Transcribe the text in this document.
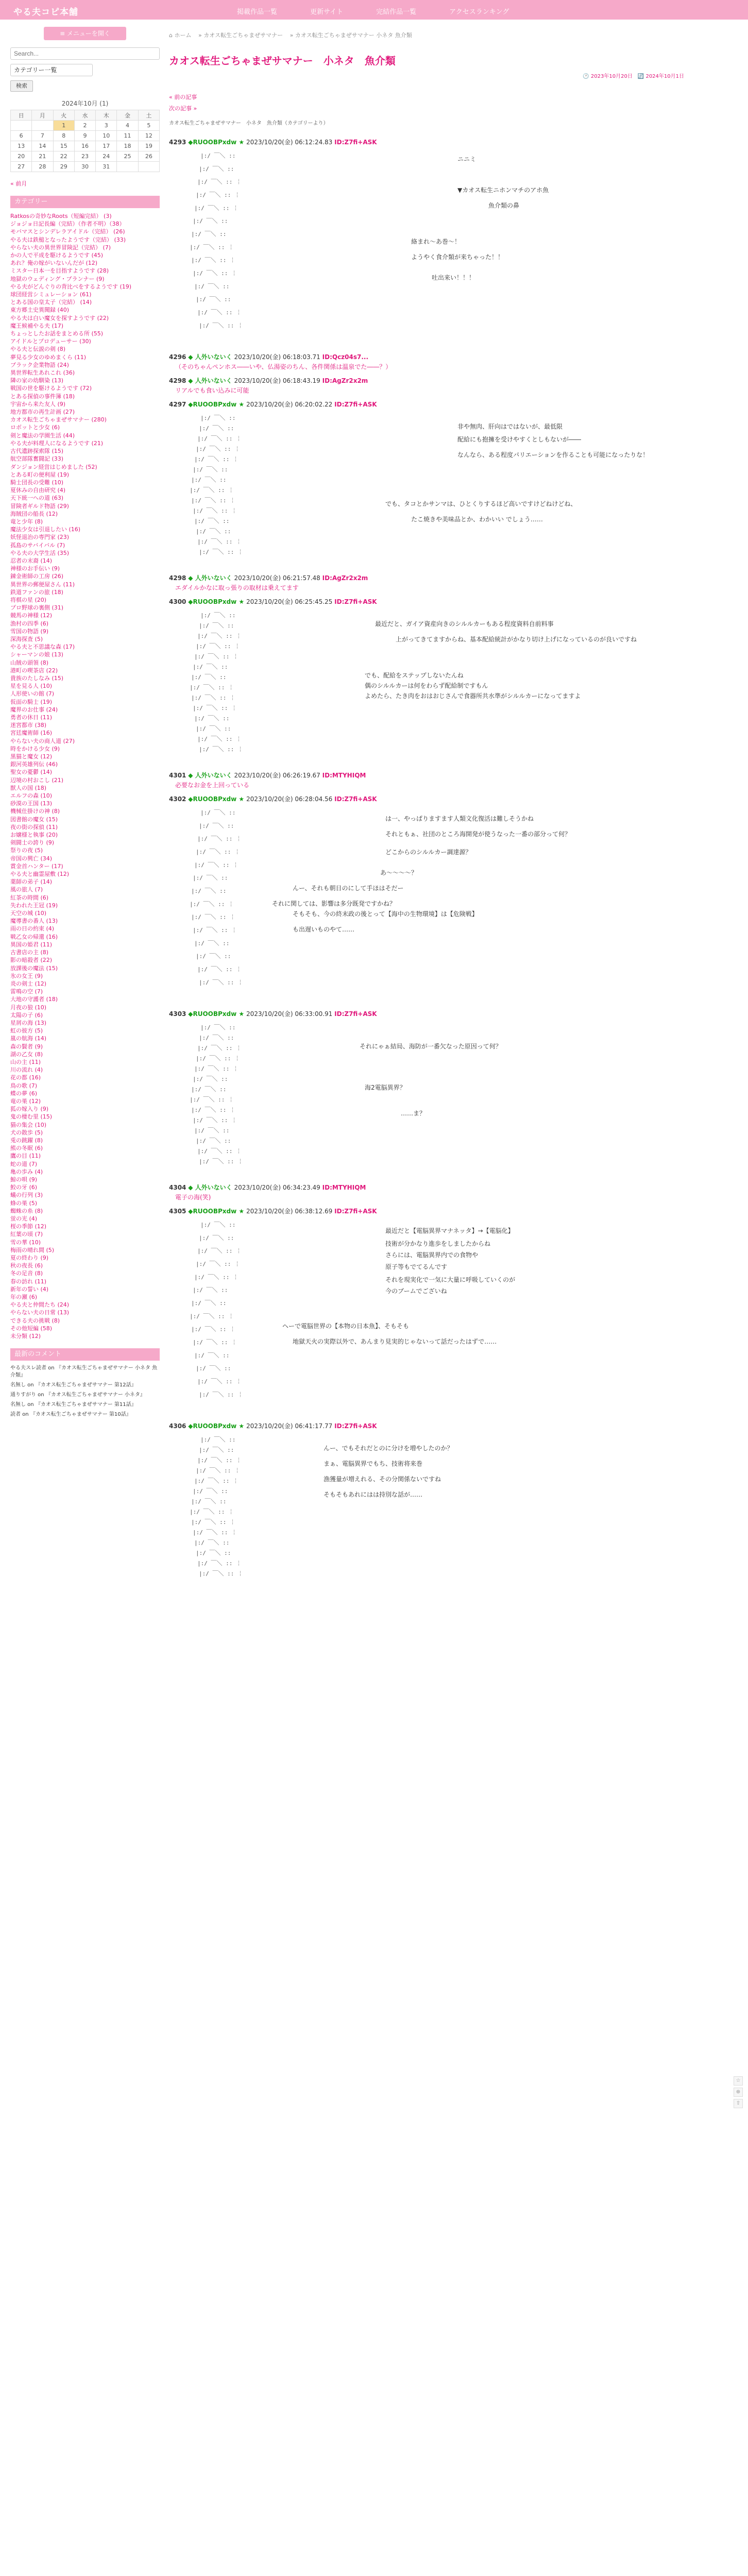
やる夫コピ本舗	掲載作品一覧	更新サイト	完結作品一覧	アクセスランキング
≡ メニューを開く
Search...
カテゴリー一覧
検索
2024年10月 (1)
日	月	火	水	木	金	土
		1	2	3	4	5
6	7	8	9	10	11	12
13	14	15	16	17	18	19
20	21	22	23	24	25	26
27	28	29	30	31		
« 前月
カテゴリー
Ratkosの奇妙なRoots（短編完結） (3)
ジョジョ日記長編（完結）（作者不明）（38）
モバマスとシンデレラアイドル（完結） (26)
やる夫は鉄槌となったようです（完結） (33)
やらない夫の異世界冒険記（完結） (7)
かの人で平成を駆けるようです (45)
あれ？俺の嫁がいないんだが (12)
ミスター日本一を目指すようです (28)
地獄のウェディング・プランナー (9)
やる夫がどんぐりの背比べをするようです (19)
球団経営シミュレーション (61)
とある国の皇太子（完結） (14)
東方郷土史異聞録 (40)
やる夫は白い魔女を探すようです (22)
魔王候補やる夫 (17)
ちょっとしたお話をまとめる所 (55)
アイドルとプロデューサー (30)
やる夫と伝説の剣 (8)
夢見る少女のゆめまくら (11)
ブラック企業物語 (24)
異世界転生あれこれ (36)
隣の家の幼馴染 (13)
戦国の世を駆けるようです (72)
とある探偵の事件簿 (18)
宇宙から来た友人 (9)
地方都市の再生計画 (27)
カオス転生ごちゃまぜサマナー (280)
ロボットと少女 (6)
剣と魔法の学園生活 (44)
やる夫が料理人になるようです (21)
古代遺跡探索隊 (15)
航空部隊奮闘記 (33)
ダンジョン経営はじめました (52)
とある町の便利屋 (19)
騎士団長の受難 (10)
夏休みの自由研究 (4)
天下統一への道 (63)
冒険者ギルド物語 (29)
海賊団の船長 (12)
竜と少年 (8)
魔法少女は引退したい (16)
妖怪退治の専門家 (23)
孤島のサバイバル (7)
やる夫の大学生活 (35)
忍者の末裔 (14)
神様のお手伝い (9)
錬金術師の工房 (26)
異世界の郵便屋さん (11)
鉄道ファンの旅 (18)
将棋の星 (20)
プロ野球の裏側 (31)
競馬の神様 (12)
漁村の四季 (6)
雪国の物語 (9)
深海探査 (5)
やる夫と不思議な森 (17)
シャーマンの娘 (13)
山賊の頭領 (8)
港町の喫茶店 (22)
貴族のたしなみ (15)
星を見る人 (10)
人形使いの館 (7)
仮面の騎士 (19)
魔界のお仕事 (24)
勇者の休日 (11)
迷宮都市 (38)
宮廷魔術師 (16)
やらない夫の商人道 (27)
時をかける少女 (9)
黒猫と魔女 (12)
銀河英雄列伝 (46)
聖女の憂鬱 (14)
辺境の村おこし (21)
獣人の国 (18)
エルフの森 (10)
砂漠の王国 (13)
機械仕掛けの神 (8)
図書館の魔女 (15)
夜の街の探偵 (11)
お嬢様と執事 (20)
剣闘士の誇り (9)
祭りの夜 (5)
帝国の興亡 (34)
賞金首ハンター (17)
やる夫と幽霊屋敷 (12)
薬師の弟子 (14)
風の旅人 (7)
紅茶の時間 (6)
失われた王冠 (19)
天空の城 (10)
魔導書の番人 (13)
雨の日の約束 (4)
戦乙女の帰還 (16)
異国の姫君 (11)
古書店の主 (8)
影の暗殺者 (22)
放課後の魔法 (15)
氷の女王 (9)
炎の剣士 (12)
雷鳴の空 (7)
大地の守護者 (18)
月夜の狼 (10)
太陽の子 (6)
星屑の海 (13)
虹の彼方 (5)
嵐の航海 (14)
森の賢者 (9)
湖の乙女 (8)
山の主 (11)
川の流れ (4)
花の都 (16)
鳥の歌 (7)
蝶の夢 (6)
竜の巣 (12)
狐の嫁入り (9)
鬼の棲む里 (15)
猫の集会 (10)
犬の散歩 (5)
兎の跳躍 (8)
熊の冬眠 (6)
鷹の目 (11)
蛇の道 (7)
亀の歩み (4)
鯨の唄 (9)
鮫の牙 (6)
蟻の行列 (3)
蜂の巣 (5)
蜘蛛の糸 (8)
蛍の光 (4)
桜の季節 (12)
紅葉の頃 (7)
雪の華 (10)
梅雨の晴れ間 (5)
夏の終わり (9)
秋の夜長 (6)
冬の足音 (8)
春の訪れ (11)
新年の誓い (4)
年の瀬 (6)
やる夫と仲間たち (24)
やらない夫の日常 (13)
できる夫の挑戦 (8)
その他短編 (58)
未分類 (12)
最新のコメント
やる夫スレ読者 on 『カオス転生ごちゃまぜサマナー 小ネタ 魚介類』
名無し on 『カオス転生ごちゃまぜサマナー 第12話』
通りすがり on 『カオス転生ごちゃまぜサマナー 小ネタ』
名無し on 『カオス転生ごちゃまぜサマナー 第11話』
読者 on 『カオス転生ごちゃまぜサマナー 第10話』
⌂ ホーム » カオス転生ごちゃまぜサマナー » カオス転生ごちゃまぜサマナー 小ネタ 魚介類
カオス転生ごちゃまぜサマナー　小ネタ　魚介類
🕐 2023年10月20日　🔄 2024年10月1日
« 前の記事
次の記事 »
カオス転生ごちゃまぜサマナー　小ネタ　魚介類（カテゴリーより）
4293 ◆RUOOBPxdw ★ 2023/10/20(金) 06:12:24.83 ID:Z7fi+ASK
|:/ ￣＼ ::
|:/ ￣＼ ::
|:/ ￣＼ :: ￤
|:/ ￣＼ :: ￤
|:/ ￣＼ :: ￤ 　
|:/ ￣＼ ::
|:/ ￣＼ ::
|:/ ￣＼ :: ￤
|:/ ￣＼ :: ￤
|:/ ￣＼ :: ￤ 　
|:/ ￣＼ ::
|:/ ￣＼ ::
|:/ ￣＼ :: ￤
|:/ ￣＼ :: ￤
ニニミ
▼カオス転生ニホンマチのアホ魚
魚介類の鼻
絡まれ～あ巻～！
ようやく食介類が来ちゃった！！
吐出来い！！！
4296 ◆ 人外いないく 2023/10/20(金) 06:18:03.71 ID:Qcz04s7...
（そのちゃんペンホス――いや、仏湯姿のちん、各件関係は温泉でた――？）
4298 ◆ 人外いないく 2023/10/20(金) 06:18:43.19 ID:AgZr2x2m
リアルでも食い込みに可能
4297 ◆RUOOBPxdw ★ 2023/10/20(金) 06:20:02.22 ID:Z7fi+ASK
|:/ ￣＼ ::
|:/ ￣＼ ::
|:/ ￣＼ :: ￤
|:/ ￣＼ :: ￤
|:/ ￣＼ :: ￤ 　
|:/ ￣＼ ::
|:/ ￣＼ ::
|:/ ￣＼ :: ￤
|:/ ￣＼ :: ￤
|:/ ￣＼ :: ￤ 　
|:/ ￣＼ ::
|:/ ￣＼ ::
|:/ ￣＼ :: ￤
|:/ ￣＼ :: ￤
非や無肉、肝向はではないが、最低限
配給にも抱擁を受けやすくとしもないが――
なんなら、ある程度パリエーションを作ることも可能になったりな！
でも、タコとかサンマは、ひとくりするほど高いですけどねけどね、
たこ焼きや美味品とか、わかいい でしょう……
4298 ◆ 人外いないく 2023/10/20(金) 06:21:57.48 ID:AgZr2x2m
エダイルかなに取っ張りの取材は乗えてます
4300 ◆RUOOBPxdw ★ 2023/10/20(金) 06:25:45.25 ID:Z7fi+ASK
|:/ ￣＼ ::
|:/ ￣＼ ::
|:/ ￣＼ :: ￤
|:/ ￣＼ :: ￤
|:/ ￣＼ :: ￤ 　
|:/ ￣＼ ::
|:/ ￣＼ ::
|:/ ￣＼ :: ￤
|:/ ￣＼ :: ￤
|:/ ￣＼ :: ￤ 　
|:/ ￣＼ ::
|:/ ￣＼ ::
|:/ ￣＼ :: ￤
|:/ ￣＼ :: ￤
最近だと、ガイア資産向きのシルルカーもある程度資料自前料事
上がってきてますからね、基本配給統計がかなり切け上げになっているのが良いですね
でも、配給をステップしないたんね
偶のシルルカーは何をわらず配給制ですもん
よめたら、たき肉をおはおじさんで食器所共水準がシルルカーになってますよ
4301 ◆ 人外いないく 2023/10/20(金) 06:26:19.67 ID:MTYHIQM
必要なお金を上回っている
4302 ◆RUOOBPxdw ★ 2023/10/20(金) 06:28:04.56 ID:Z7fi+ASK
|:/ ￣＼ ::
|:/ ￣＼ ::
|:/ ￣＼ :: ￤
|:/ ￣＼ :: ￤
|:/ ￣＼ :: ￤ 　
|:/ ￣＼ ::
|:/ ￣＼ ::
|:/ ￣＼ :: ￤
|:/ ￣＼ :: ￤
|:/ ￣＼ :: ￤ 　
|:/ ￣＼ ::
|:/ ￣＼ ::
|:/ ￣＼ :: ￤
|:/ ￣＼ :: ￤
は一、やっぱりますます人類文化復活は難しそうかね
それともぁ、社団のところ海開発が使うなった一番の部分って何？
どこからのシルルカー調達源？
あ～～～～？
んー、それも朝日のにして手ほはそだー
それに関しては、影響は多分既発ですかね？
そもそも、今の終末政の後とって【海中の生物環境】は【危険戦】
も出遅いものやて……
4303 ◆RUOOBPxdw ★ 2023/10/20(金) 06:33:00.91 ID:Z7fi+ASK
|:/ ￣＼ ::
|:/ ￣＼ ::
|:/ ￣＼ :: ￤
|:/ ￣＼ :: ￤
|:/ ￣＼ :: ￤ 　
|:/ ￣＼ ::
|:/ ￣＼ ::
|:/ ￣＼ :: ￤
|:/ ￣＼ :: ￤
|:/ ￣＼ :: ￤ 　
|:/ ￣＼ ::
|:/ ￣＼ ::
|:/ ￣＼ :: ￤
|:/ ￣＼ :: ￤
それにゃぁ結局、海防が一番欠なった原因って何？
海2電脳異界？
……ま？
4304 ◆ 人外いないく 2023/10/20(金) 06:34:23.49 ID:MTYHIQM
電子の海(笑)
4305 ◆RUOOBPxdw ★ 2023/10/20(金) 06:38:12.69 ID:Z7fi+ASK
|:/ ￣＼ ::
|:/ ￣＼ ::
|:/ ￣＼ :: ￤
|:/ ￣＼ :: ￤
|:/ ￣＼ :: ￤ 　
|:/ ￣＼ ::
|:/ ￣＼ ::
|:/ ￣＼ :: ￤
|:/ ￣＼ :: ￤
|:/ ￣＼ :: ￤ 　
|:/ ￣＼ ::
|:/ ￣＼ ::
|:/ ￣＼ :: ￤
|:/ ￣＼ :: ￤
最近だと【電脳異界マナネッタ】→【電脳化】
技術が分かなり進歩をしましたからね
さらには、電脳異界内での食物や
原子等もでてるんです
それを現実化で一気に大量に呼吸していくのが
今のブームでございね
ヘーで電脳世界の【本物の日本魚】、そもそも
地獄天火の実際以外で、あんまり見実的じゃないって話だったはずで……
4306 ◆RUOOBPxdw ★ 2023/10/20(金) 06:41:17.77 ID:Z7fi+ASK
|:/ ￣＼ ::
|:/ ￣＼ ::
|:/ ￣＼ :: ￤
|:/ ￣＼ :: ￤
|:/ ￣＼ :: ￤ 　
|:/ ￣＼ ::
|:/ ￣＼ ::
|:/ ￣＼ :: ￤
|:/ ￣＼ :: ￤
|:/ ￣＼ :: ￤ 　
|:/ ￣＼ ::
|:/ ￣＼ ::
|:/ ￣＼ :: ￤
|:/ ￣＼ :: ￤
んー、でもそれだとのに分けを増やしたのか？
まぁ、電脳異界でもち、技術将来巻
漁獲量が増えれる、その分関係ないですね
そもそもあれにはは持別な話が……
☆
⊕
⇧
